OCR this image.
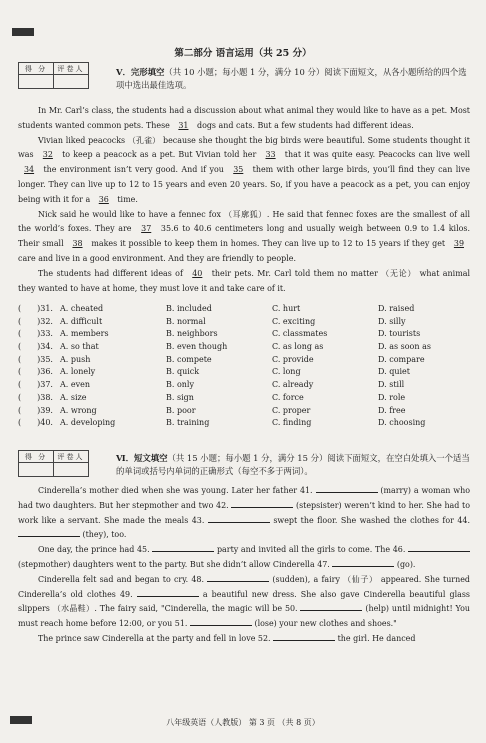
第二部分 语言运用（共 25 分）
得 分	评卷人
		V．完形填空（共 10 小题；每小题 1 分，满分 10 分）阅读下面短文，从各小题所给的四个选项中选出最佳选项。
In Mr. Carl’s class, the students had a discussion about what animal they would like to have as a pet. Most students wanted common pets. These 31 dogs and cats. But a few students had different ideas.
Vivian liked peacocks （孔雀） because she thought the big birds were beautiful. Some students thought it was 32 to keep a peacock as a pet. But Vivian told her 33 that it was quite easy. Peacocks can live well 34 the environment isn’t very good. And if you 35 them with other large birds, you’ll find they can live longer. They can live up to 12 to 15 years and even 20 years. So, if you have a peacock as a pet, you can enjoy being with it for a 36 time.
Nick said he would like to have a fennec fox （耳廓狐）. He said that fennec foxes are the smallest of all the world’s foxes. They are 37 35.6 to 40.6 centimeters long and usually weigh between 0.9 to 1.4 kilos. Their small 38 makes it possible to keep them in homes. They can live up to 12 to 15 years if they get 39 care and live in a good environment. And they are friendly to people.
The students had different ideas of 40 their pets. Mr. Carl told them no matter （无论） what animal they wanted to have at home, they must love it and take care of it.
(　　)31. A. cheated	B. included	C. hurt	D. raised
(　　)32. A. difficult	B. normal	C. exciting	D. silly
(　　)33. A. members	B. neighbors	C. classmates	D. tourists
(　　)34. A. so that	B. even though	C. as long as	D. as soon as
(　　)35. A. push	B. compete	C. provide	D. compare
(　　)36. A. lonely	B. quick	C. long	D. quiet
(　　)37. A. even	B. only	C. already	D. still
(　　)38. A. size	B. sign	C. force	D. role
(　　)39. A. wrong	B. poor	C. proper	D. free
(　　)40. A. developing	B. training	C. finding	D. choosing
得 分	评卷人
		Ⅵ．短文填空（共 15 小题；每小题 1 分，满分 15 分）阅读下面短文，在空白处填入一个适当的单词或括号内单词的正确形式（每空不多于两词）。
Cinderella’s mother died when she was young. Later her father 41.	(marry) a woman who had two daughters. But her stepmother and two 42.	(stepsister) weren’t kind to her. She had to work like a servant. She made the meals 43.	swept the floor. She washed the clothes for 44.  (they), too.
One day, the prince had 45.	party and invited all the girls to come. The 46.  (stepmother) daughters went to the party. But she didn’t allow Cinderella 47.	(go).
Cinderella felt sad and began to cry. 48.	(sudden), a fairy （仙子） appeared. She turned Cinderella’s old clothes 49.	a beautiful new dress. She also gave Cinderella beautiful glass slippers （水晶鞋）. The fairy said, "Cinderella, the magic will be 50.	(help) until midnight! You must reach home before 12:00, or you 51.	(lose) your new clothes and shoes."
The prince saw Cinderella at the party and fell in love 52.	the girl. He danced
八年级英语（人教版） 第 3 页 （共 8 页）
